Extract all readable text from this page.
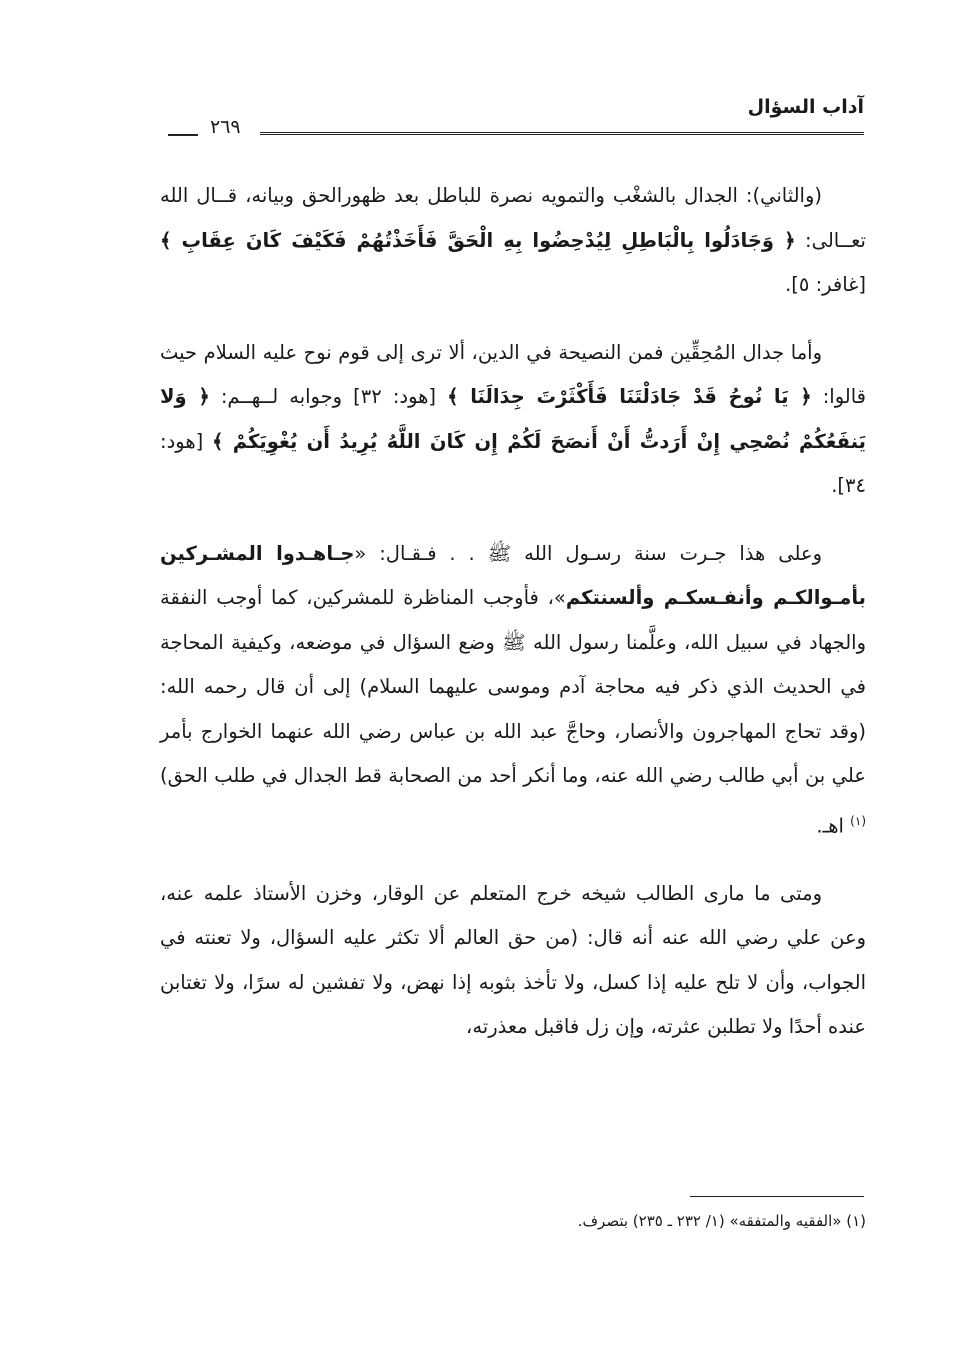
آداب السؤال
٢٦٩

(والثاني): الجدال بالشغْب والتمويه نصرة للباطل بعد ظهورالحق وبيانه، قــال الله تعــالى: ﴿ وَجَادَلُوا بِالْبَاطِلِ لِيُدْحِضُوا بِهِ الْحَقَّ فَأَخَذْتُهُمْ فَكَيْفَ كَانَ عِقَابِ ﴾ [غافر: ٥].

وأما جدال المُحِقِّين فمن النصيحة في الدين، ألا ترى إلى قوم نوح عليه السلام حيث قالوا: ﴿ يَا نُوحُ قَدْ جَادَلْتَنَا فَأَكْثَرْتَ جِدَالَنَا ﴾ [هود: ٣٢] وجوابه لــهــم: ﴿ وَلا يَنفَعُكُمْ نُصْحِي إِنْ أَرَدتُّ أَنْ أَنصَحَ لَكُمْ إِن كَانَ اللَّهُ يُرِيدُ أَن يُغْوِيَكُمْ ﴾ [هود: ٣٤].

وعلى هذا جـرت سنة رسـول الله ﷺ . . فـقـال: «جـاهـدوا المشـركين بأمـوالكـم وأنفـسكـم وألسنتكم»، فأوجب المناظرة للمشركين، كما أوجب النفقة والجهاد في سبيل الله، وعلَّمنا رسول الله ﷺ وضع السؤال في موضعه، وكيفية المحاجة في الحديث الذي ذكر فيه محاجة آدم وموسى عليهما السلام) إلى أن قال رحمه الله: (وقد تحاج المهاجرون والأنصار، وحاجَّ عبد الله بن عباس رضي الله عنهما الخوارج بأمر علي بن أبي طالب رضي الله عنه، وما أنكر أحد من الصحابة قط الجدال في طلب الحق)$^{(١)}$ اهـ.

ومتى ما مارى الطالب شيخه خرج المتعلم عن الوقار، وخزن الأستاذ علمه عنه، وعن علي رضي الله عنه أنه قال: (من حق العالم ألا تكثر عليه السؤال، ولا تعنته في الجواب، وأن لا تلح عليه إذا كسل، ولا تأخذ بثوبه إذا نهض، ولا تفشين له سرًا، ولا تغتابن عنده أحدًا ولا تطلبن عثرته، وإن زل فاقبل معذرته،

(١) «الفقيه والمتفقه» (١/ ٢٣٢ ـ ٢٣٥) بتصرف.
